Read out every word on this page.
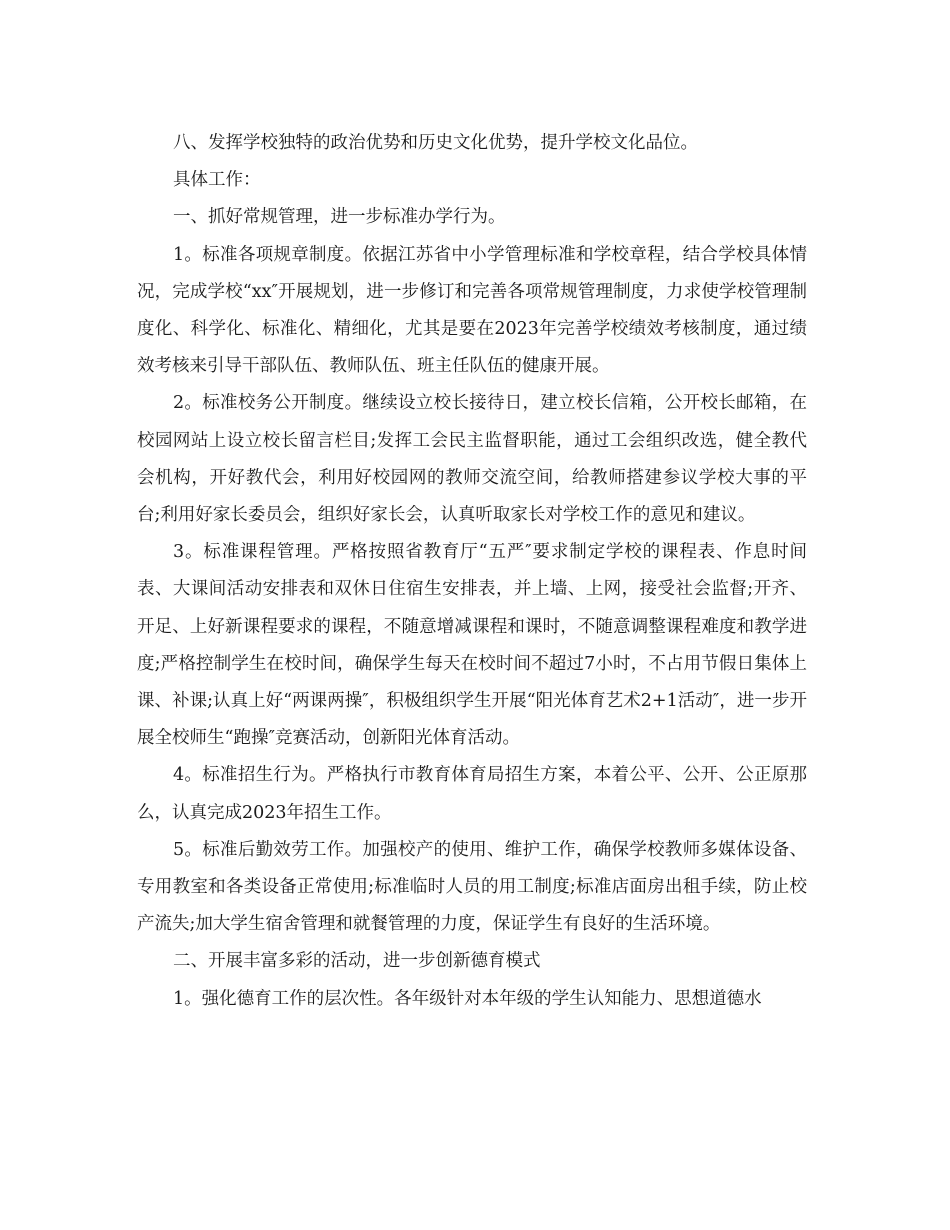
八、发挥学校独特的政治优势和历史文化优势，提升学校文化品位。

具体工作：

一、抓好常规管理，进一步标准办学行为。

1。标准各项规章制度。依据江苏省中小学管理标准和学校章程，结合学校具体情况，完成学校“xx″开展规划，进一步修订和完善各项常规管理制度，力求使学校管理制度化、科学化、标准化、精细化，尤其是要在2023年完善学校绩效考核制度，通过绩效考核来引导干部队伍、教师队伍、班主任队伍的健康开展。

2。标准校务公开制度。继续设立校长接待日，建立校长信箱，公开校长邮箱，在校园网站上设立校长留言栏目;发挥工会民主监督职能，通过工会组织改选，健全教代会机构，开好教代会，利用好校园网的教师交流空间，给教师搭建参议学校大事的平台;利用好家长委员会，组织好家长会，认真听取家长对学校工作的意见和建议。

3。标准课程管理。严格按照省教育厅“五严″要求制定学校的课程表、作息时间表、大课间活动安排表和双休日住宿生安排表，并上墙、上网，接受社会监督;开齐、开足、上好新课程要求的课程，不随意增减课程和课时，不随意调整课程难度和教学进度;严格控制学生在校时间，确保学生每天在校时间不超过7小时，不占用节假日集体上课、补课;认真上好“两课两操″，积极组织学生开展“阳光体育艺术2+1活动″，进一步开展全校师生“跑操″竞赛活动，创新阳光体育活动。

4。标准招生行为。严格执行市教育体育局招生方案，本着公平、公开、公正原那么，认真完成2023年招生工作。

5。标准后勤效劳工作。加强校产的使用、维护工作，确保学校教师多媒体设备、专用教室和各类设备正常使用;标准临时人员的用工制度;标准店面房出租手续，防止校产流失;加大学生宿舍管理和就餐管理的力度，保证学生有良好的生活环境。

二、开展丰富多彩的活动，进一步创新德育模式

1。强化德育工作的层次性。各年级针对本年级的学生认知能力、思想道德水
